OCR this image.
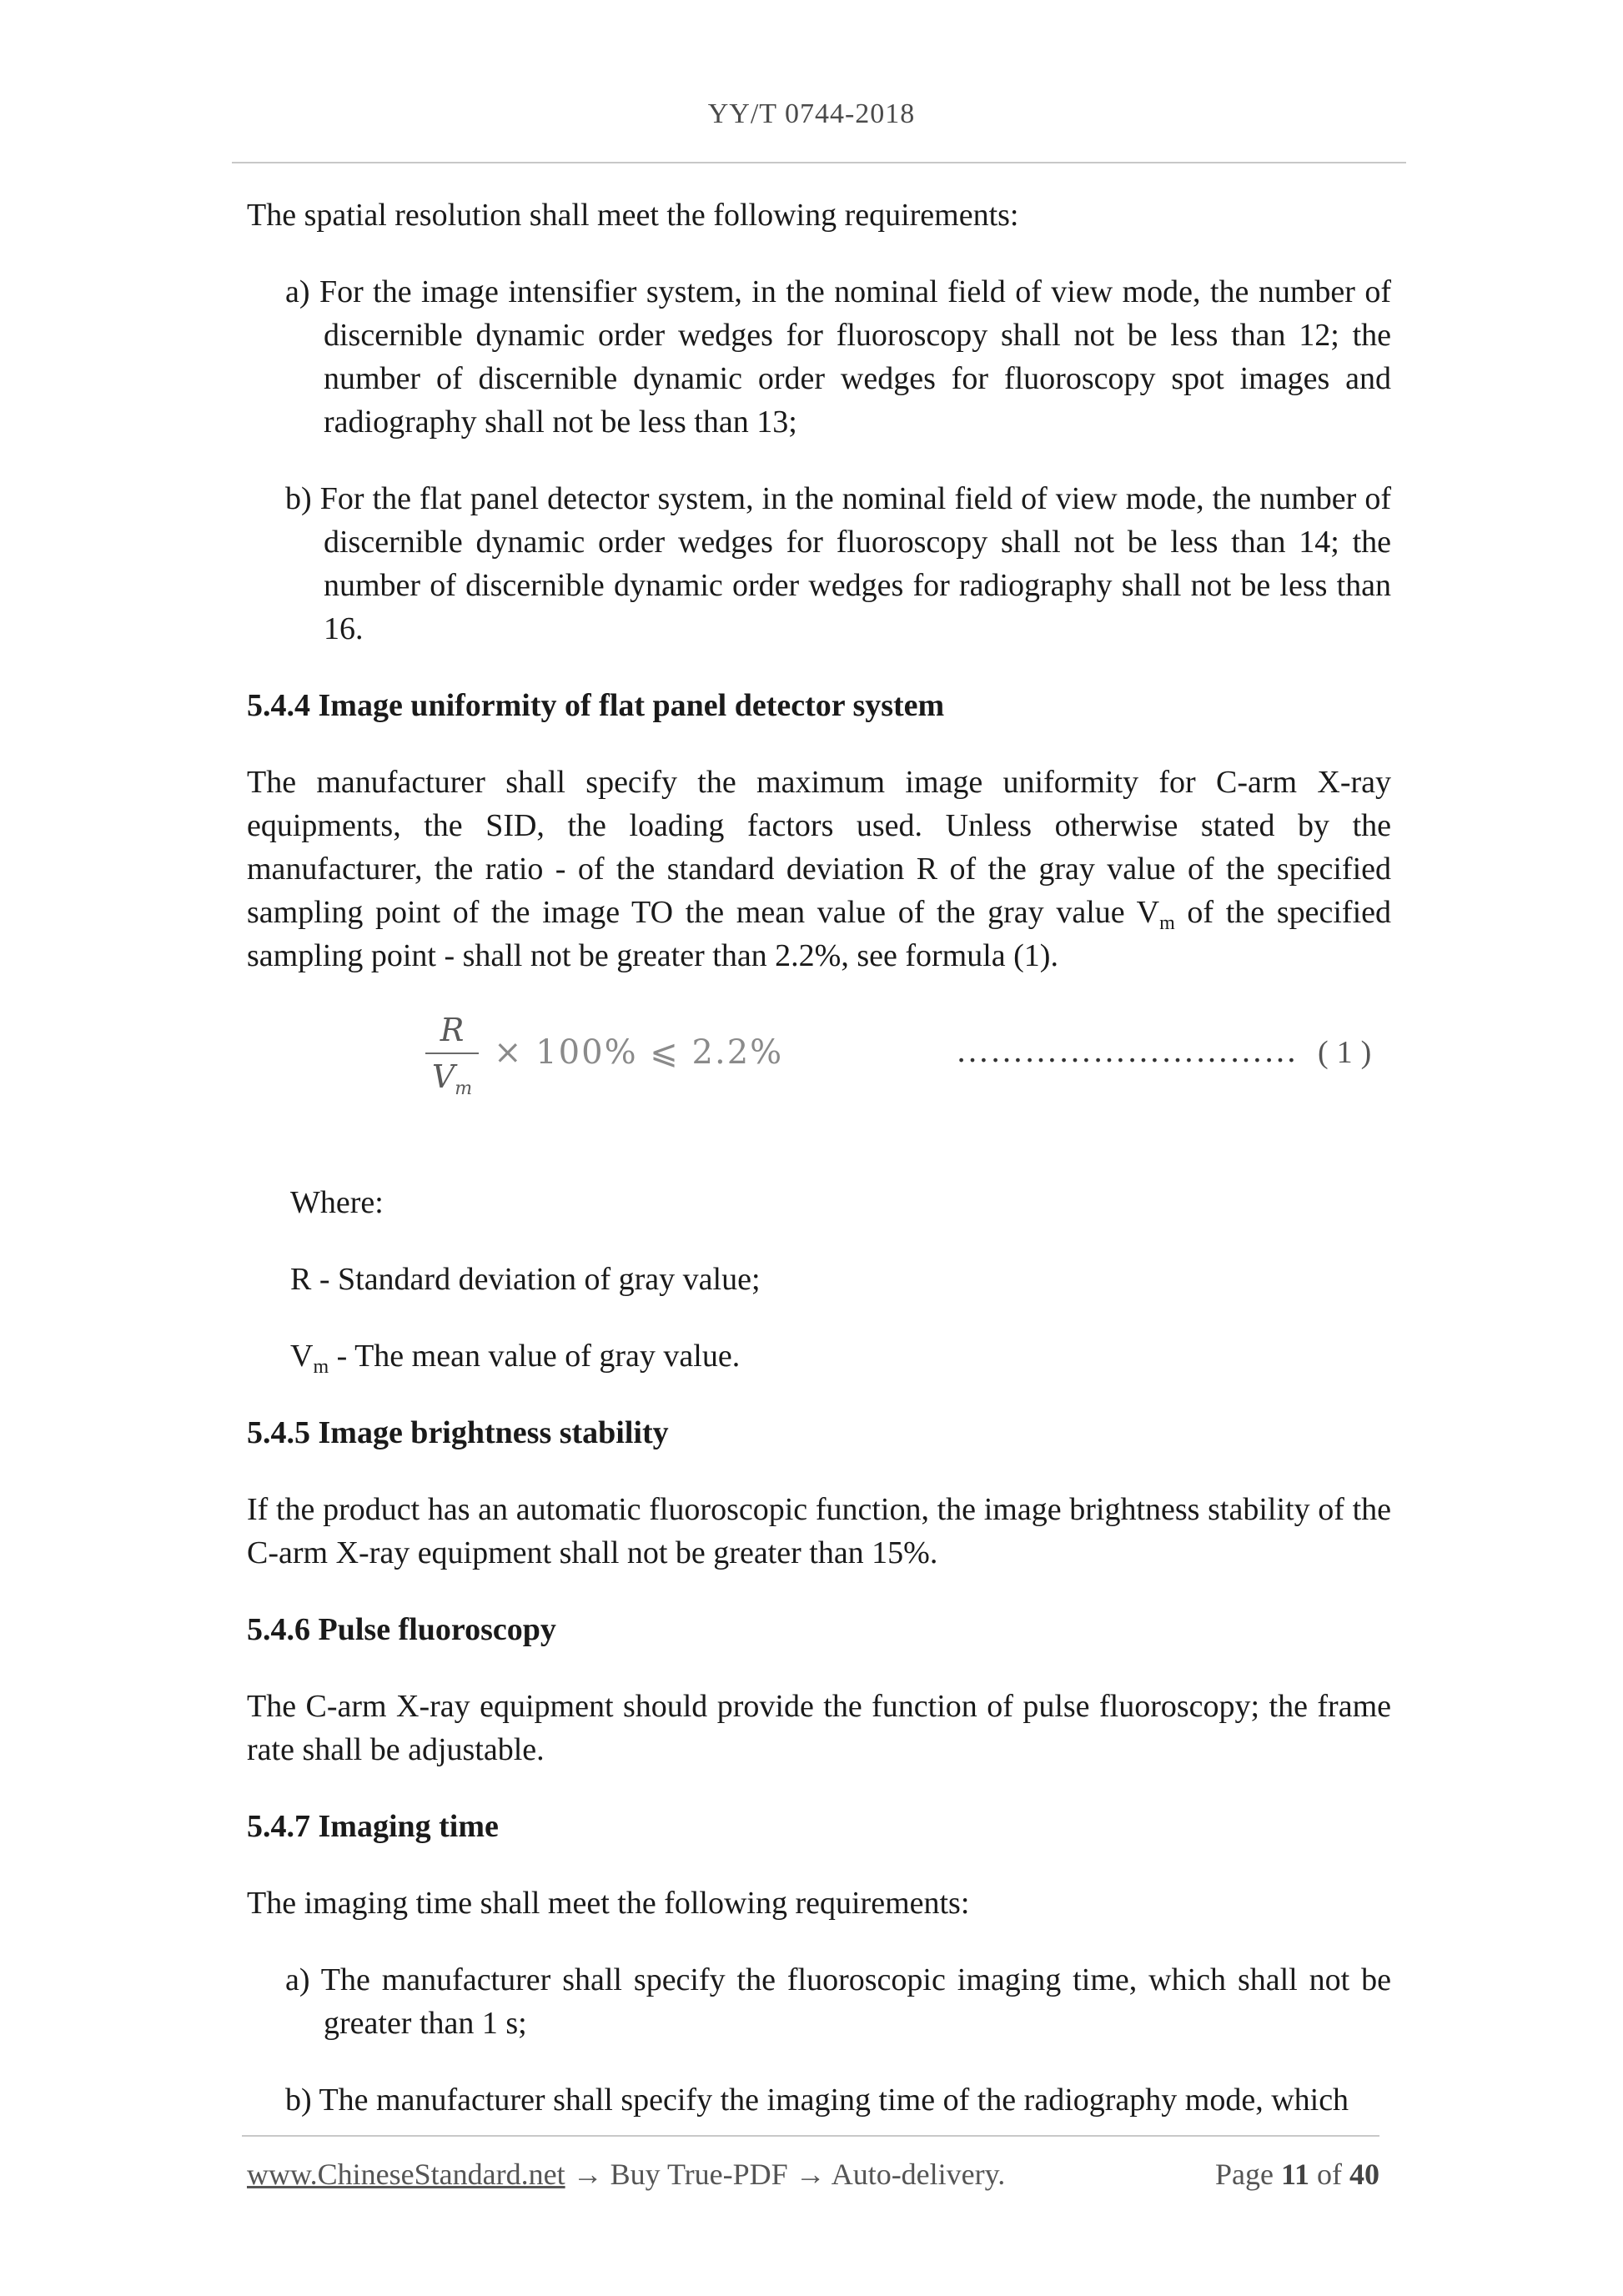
YY/T 0744-2018

The spatial resolution shall meet the following requirements:

a) For the image intensifier system, in the nominal field of view mode, the number of discernible dynamic order wedges for fluoroscopy shall not be less than 12; the number of discernible dynamic order wedges for fluoroscopy spot images and radiography shall not be less than 13;

b) For the flat panel detector system, in the nominal field of view mode, the number of discernible dynamic order wedges for fluoroscopy shall not be less than 14; the number of discernible dynamic order wedges for radiography shall not be less than 16.

5.4.4 Image uniformity of flat panel detector system

The manufacturer shall specify the maximum image uniformity for C-arm X-ray equipments, the SID, the loading factors used. Unless otherwise stated by the manufacturer, the ratio - of the standard deviation R of the gray value of the specified sampling point of the image TO the mean value of the gray value $V_m$ of the specified sampling point - shall not be greater than 2.2%, see formula (1).

R
$V_m$
× 100% ⩽ 2.2%	………………………… (1)

Where:

R - Standard deviation of gray value;

$V_m$ - The mean value of gray value.

5.4.5 Image brightness stability

If the product has an automatic fluoroscopic function, the image brightness stability of the C-arm X-ray equipment shall not be greater than 15%.

5.4.6 Pulse fluoroscopy

The C-arm X-ray equipment should provide the function of pulse fluoroscopy; the frame rate shall be adjustable.

5.4.7 Imaging time

The imaging time shall meet the following requirements:

a) The manufacturer shall specify the fluoroscopic imaging time, which shall not be greater than 1 s;

b) The manufacturer shall specify the imaging time of the radiography mode, which

www.ChineseStandard.net → Buy True-PDF → Auto-delivery.	Page 11 of 40
